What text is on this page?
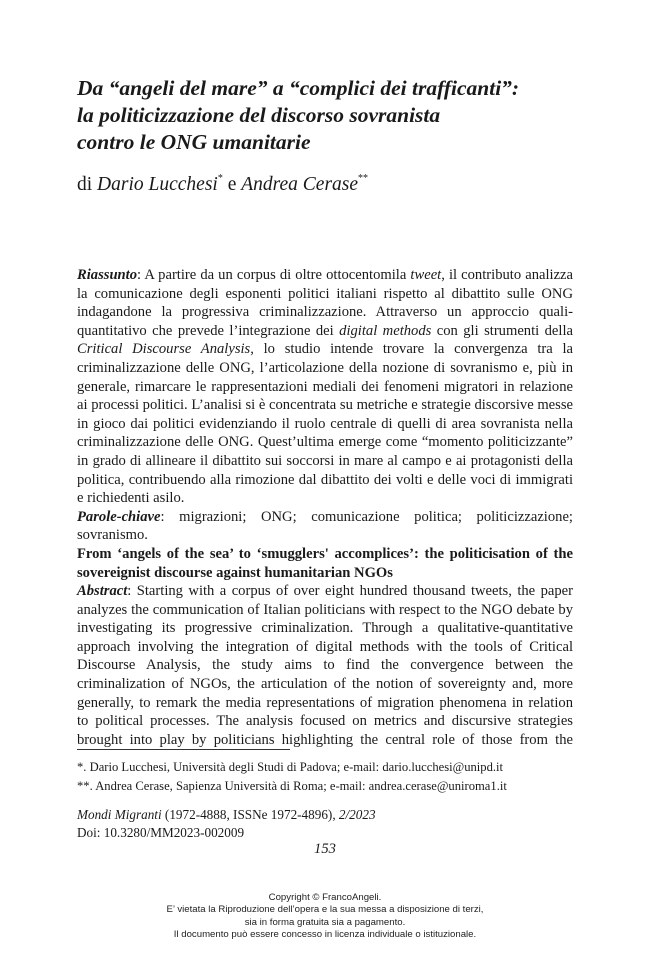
Da “angeli del mare” a “complici dei trafficanti”:
la politicizzazione del discorso sovranista
contro le ONG umanitarie
di Dario Lucchesi* e Andrea Cerase**
Riassunto: A partire da un corpus di oltre ottocentomila tweet, il contributo analizza
la comunicazione degli esponenti politici italiani rispetto al dibattito sulle ONG
indagandone la progressiva criminalizzazione. Attraverso un approccio quali-
quantitativo che prevede l’integrazione dei digital methods con gli strumenti della
Critical Discourse Analysis, lo studio intende trovare la convergenza tra la
criminalizzazione delle ONG, l’articolazione della nozione di sovranismo e, più in
generale, rimarcare le rappresentazioni mediali dei fenomeni migratori in relazione
ai processi politici. L’analisi si è concentrata su metriche e strategie discorsive messe
in gioco dai politici evidenziando il ruolo centrale di quelli di area sovranista nella
criminalizzazione delle ONG. Quest’ultima emerge come “momento politicizzante”
in grado di allineare il dibattito sui soccorsi in mare al campo e ai protagonisti della
politica, contribuendo alla rimozione dal dibattito dei volti e delle voci di immigrati
e richiedenti asilo.
Parole-chiave: migrazioni; ONG; comunicazione politica; politicizzazione;
sovranismo.
From ‘angels of the sea’ to ‘smugglers' accomplices’: the politicisation of the
sovereignist discourse against humanitarian NGOs
Abstract: Starting with a corpus of over eight hundred thousand tweets, the paper
analyzes the communication of Italian politicians with respect to the NGO debate by
investigating its progressive criminalization. Through a qualitative-quantitative
approach involving the integration of digital methods with the tools of Critical
Discourse Analysis, the study aims to find the convergence between the
criminalization of NGOs, the articulation of the notion of sovereignty and, more
generally, to remark the media representations of migration phenomena in relation
to political processes. The analysis focused on metrics and discursive strategies
brought into play by politicians highlighting the central role of those from the
*. Dario Lucchesi, Università degli Studi di Padova; e-mail: dario.lucchesi@unipd.it
**. Andrea Cerase, Sapienza Università di Roma; e-mail: andrea.cerase@uniroma1.it
Mondi Migranti (1972-4888, ISSNe 1972-4896), 2/2023
Doi: 10.3280/MM2023-002009
153
Copyright © FrancoAngeli.
E’ vietata la Riproduzione dell’opera e la sua messa a disposizione di terzi,
sia in forma gratuita sia a pagamento.
Il documento può essere concesso in licenza individuale o istituzionale.
